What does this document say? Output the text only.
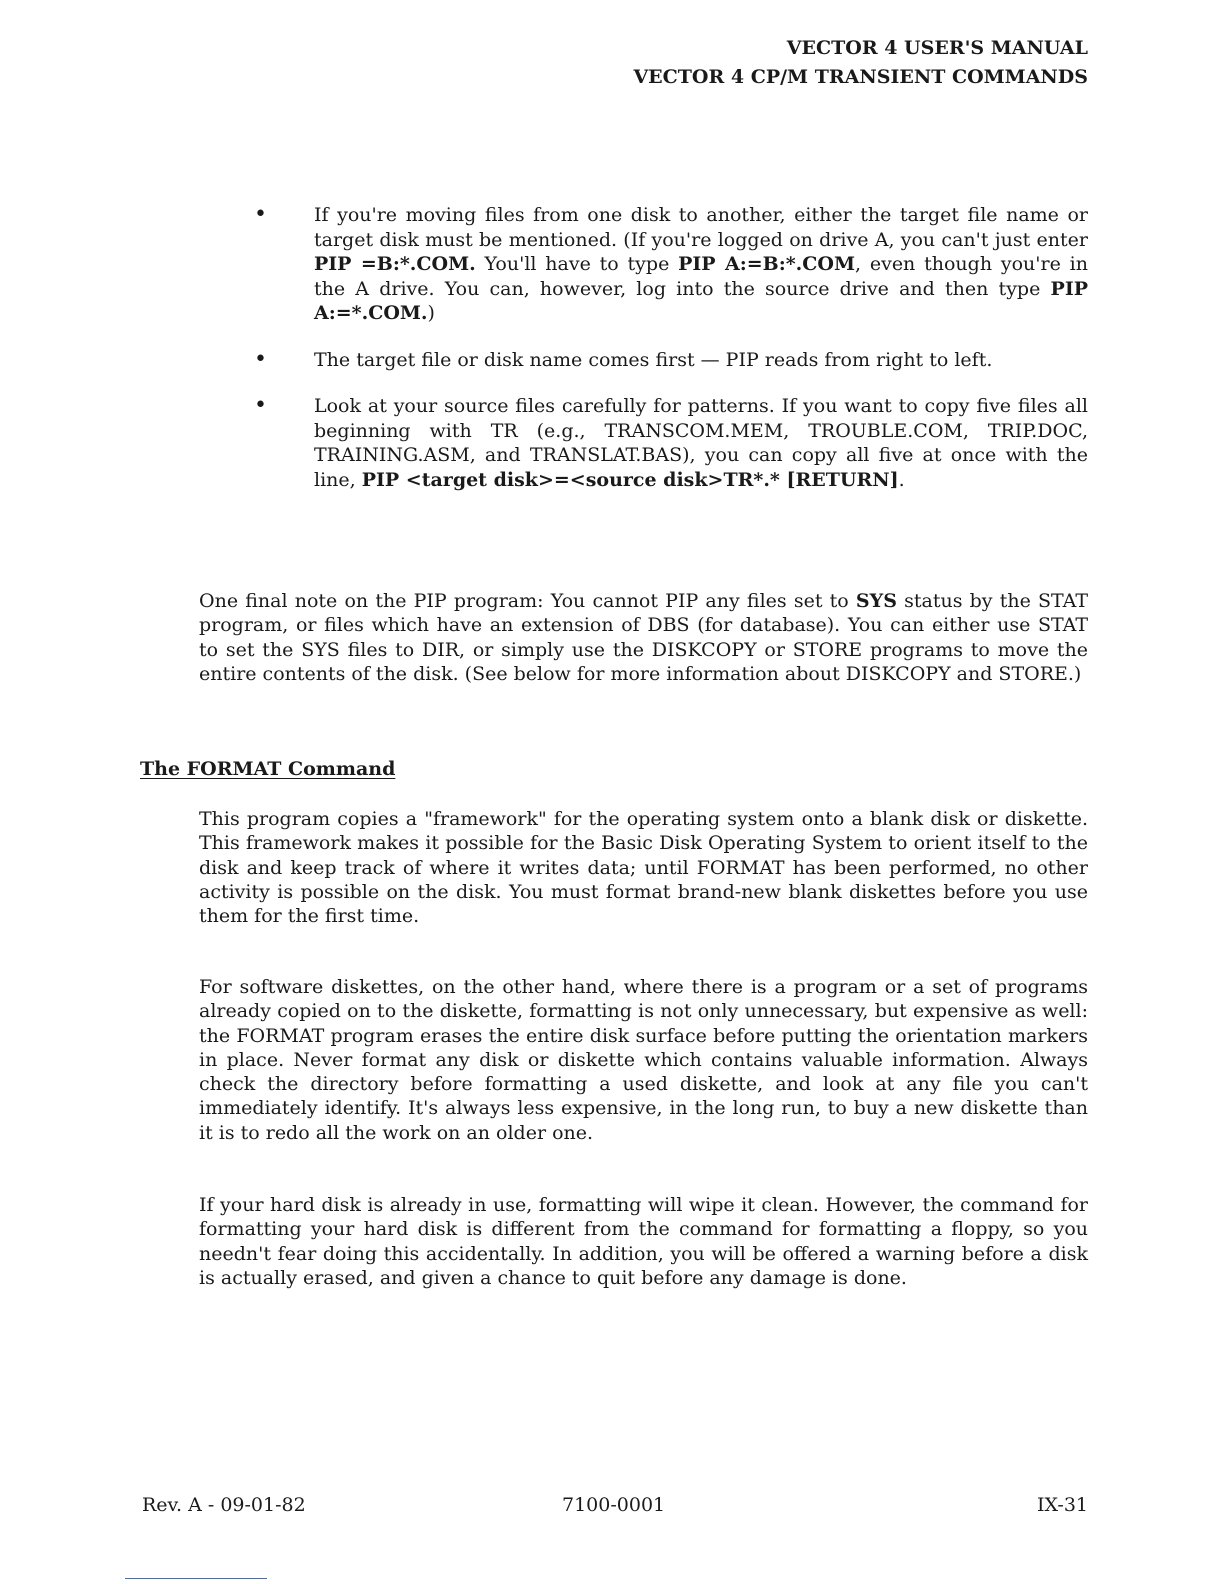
VECTOR 4 USER'S MANUAL
VECTOR 4 CP/M TRANSIENT COMMANDS
• If you're moving files from one disk to another, either the target file name or target disk must be mentioned. (If you're logged on drive A, you can't just enter PIP =B:*.COM. You'll have to type PIP A:=B:*.COM, even though you're in the A drive. You can, however, log into the source drive and then type PIP A:=*.COM.)
• The target file or disk name comes first — PIP reads from right to left.
• Look at your source files carefully for patterns. If you want to copy five files all beginning with TR (e.g., TRANSCOM.MEM, TROUBLE.COM, TRIP.DOC, TRAINING.ASM, and TRANSLAT.BAS), you can copy all five at once with the line, PIP <target disk>=<source disk>TR*.* [RETURN].
One final note on the PIP program: You cannot PIP any files set to SYS status by the STAT program, or files which have an extension of DBS (for database). You can either use STAT to set the SYS files to DIR, or simply use the DISKCOPY or STORE programs to move the entire contents of the disk. (See below for more information about DISKCOPY and STORE.)
The FORMAT Command
This program copies a "framework" for the operating system onto a blank disk or diskette. This framework makes it possible for the Basic Disk Operating System to orient itself to the disk and keep track of where it writes data; until FORMAT has been performed, no other activity is possible on the disk. You must format brand-new blank diskettes before you use them for the first time.
For software diskettes, on the other hand, where there is a program or a set of programs already copied on to the diskette, formatting is not only unnecessary, but expensive as well: the FORMAT program erases the entire disk surface before putting the orientation markers in place. Never format any disk or diskette which contains valuable information. Always check the directory before formatting a used diskette, and look at any file you can't immediately identify. It's always less expensive, in the long run, to buy a new diskette than it is to redo all the work on an older one.
If your hard disk is already in use, formatting will wipe it clean. However, the command for formatting your hard disk is different from the command for formatting a floppy, so you needn't fear doing this accidentally. In addition, you will be offered a warning before a disk is actually erased, and given a chance to quit before any damage is done.
Rev. A - 09-01-82	7100-0001	IX-31
